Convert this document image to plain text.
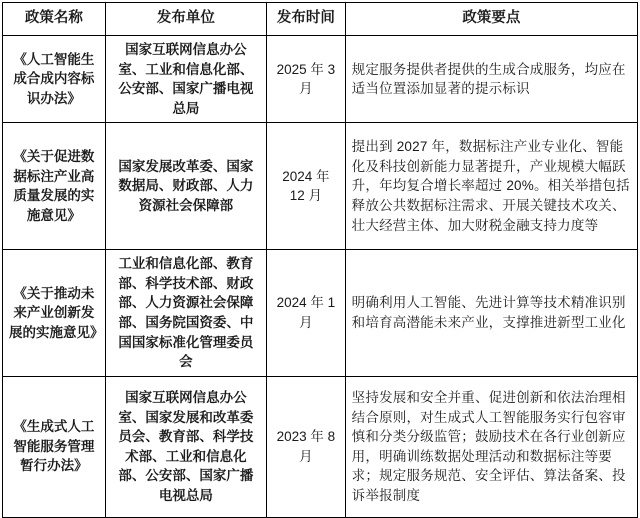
政策名称	发布单位	发布时间	政策要点
《人工智能生成合成内容标识办法》	国家互联网信息办公室、工业和信息化部、公安部、国家广播电视总局	2025 年 3 月	规定服务提供者提供的生成合成服务，均应在适当位置添加显著的提示标识
《关于促进数据标注产业高质量发展的实施意见》	国家发展改革委、国家数据局、财政部、人力资源社会保障部	2024 年 12 月	提出到 2027 年，数据标注产业专业化、智能化及科技创新能力显著提升，产业规模大幅跃升，年均复合增长率超过 20%。相关举措包括释放公共数据标注需求、开展关键技术攻关、壮大经营主体、加大财税金融支持力度等
《关于推动未来产业创新发展的实施意见》	工业和信息化部、教育部、科学技术部、财政部、人力资源社会保障部、国务院国资委、中国国家标准化管理委员会	2024 年 1 月	明确利用人工智能、先进计算等技术精准识别和培育高潜能未来产业，支撑推进新型工业化
《生成式人工智能服务管理暂行办法》	国家互联网信息办公室、国家发展和改革委员会、教育部、科学技术部、工业和信息化部、公安部、国家广播电视总局	2023 年 8 月	坚持发展和安全并重、促进创新和依法治理相结合原则，对生成式人工智能服务实行包容审慎和分类分级监管；鼓励技术在各行业创新应用，明确训练数据处理活动和数据标注等要求；规定服务规范、安全评估、算法备案、投诉举报制度
